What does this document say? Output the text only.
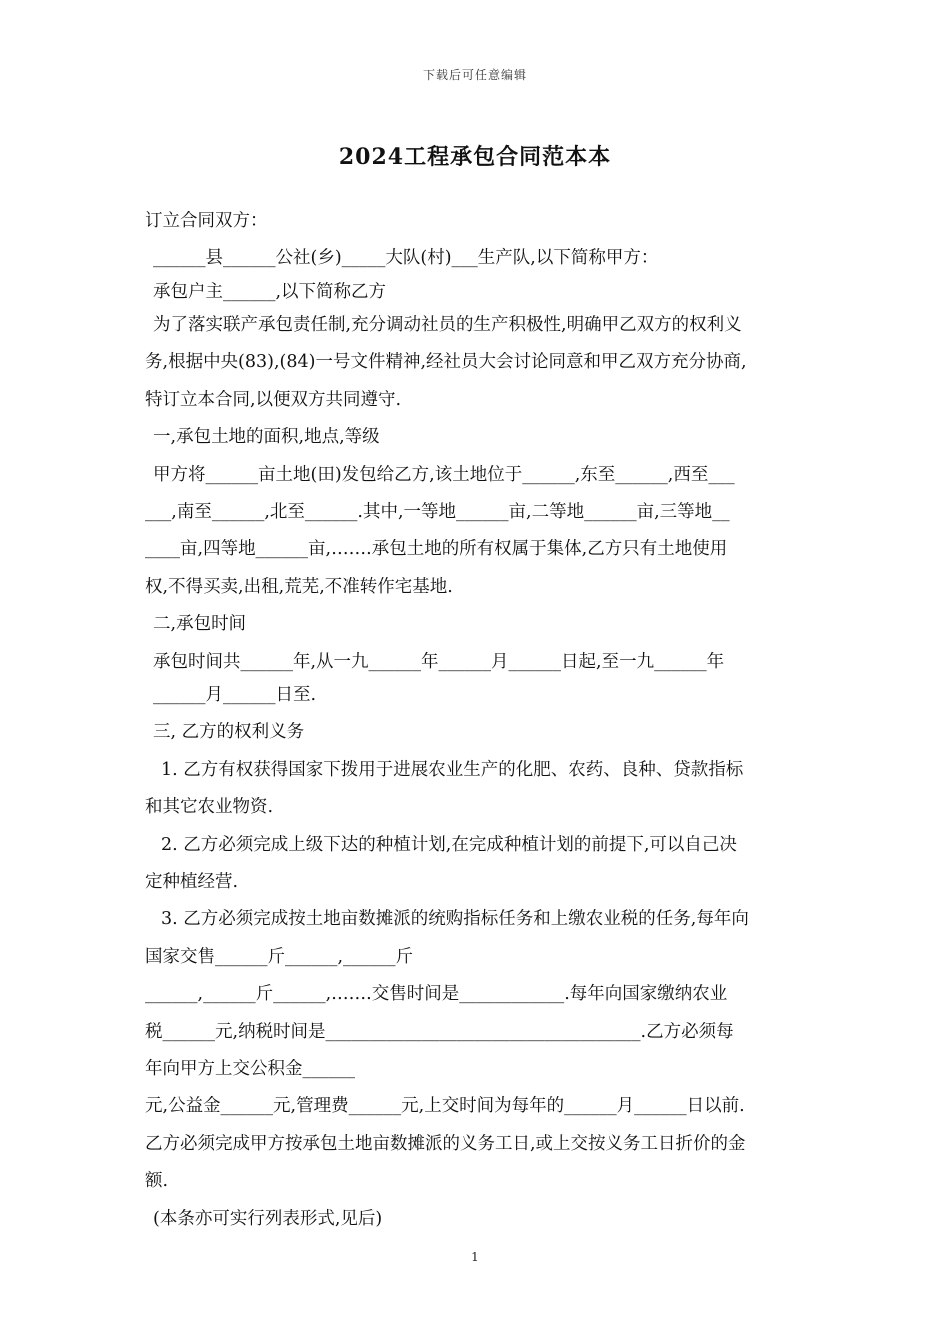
下载后可任意编辑
2024工程承包合同范本本

订立合同双方：

______县______公社(乡)_____大队(村)___生产队,以下简称甲方：

承包户主______,以下简称乙方

为了落实联产承包责任制,充分调动社员的生产积极性,明确甲乙双方的权利义

务,根据中央(83),(84)一号文件精神,经社员大会讨论同意和甲乙双方充分协商,

特订立本合同,以便双方共同遵守.

一,承包土地的面积,地点,等级

甲方将______亩土地(田)发包给乙方,该土地位于______,东至______,西至___

___,南至______,北至______.其中,一等地______亩,二等地______亩,三等地__

____亩,四等地______亩,…….承包土地的所有权属于集体,乙方只有土地使用

权,不得买卖,出租,荒芜,不准转作宅基地.

二,承包时间

承包时间共______年,从一九______年______月______日起,至一九______年

______月______日至.

三, 乙方的权利义务

1. 乙方有权获得国家下拨用于进展农业生产的化肥、农药、良种、贷款指标

和其它农业物资.

2. 乙方必须完成上级下达的种植计划,在完成种植计划的前提下,可以自己决

定种植经营.

3. 乙方必须完成按土地亩数摊派的统购指标任务和上缴农业税的任务,每年向

国家交售______斤______,______斤

______,______斤______,…….交售时间是____________.每年向国家缴纳农业

税______元,纳税时间是____________________________________.乙方必须每

年向甲方上交公积金______

元,公益金______元,管理费______元,上交时间为每年的______月______日以前.

乙方必须完成甲方按承包土地亩数摊派的义务工日,或上交按义务工日折价的金

额.

(本条亦可实行列表形式,见后)

1
